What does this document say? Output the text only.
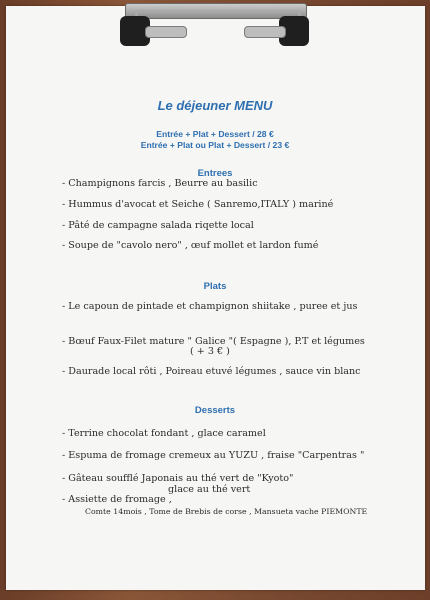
Le déjeuner MENU
Entrée + Plat + Dessert / 28 €
Entrée + Plat ou Plat + Dessert / 23 €
Entrees
- Champignons farcis , Beurre au basilic
- Hummus d'avocat et Seiche ( Sanremo,ITALY ) mariné
- Pâté de campagne salada riqette local
- Soupe de "cavolo nero" , œuf mollet et lardon fumé
Plats
- Le capoun de pintade et champignon shiitake , puree et jus
- Bœuf Faux-Filet mature " Galice "( Espagne ), P.T et légumes
( + 3 € )
- Daurade local rôti , Poireau etuvé légumes , sauce vin blanc
Desserts
- Terrine chocolat fondant , glace caramel
- Espuma de fromage cremeux au YUZU , fraise "Carpentras "
- Gâteau soufflé Japonais au thé vert de "Kyoto"
glace au thé vert
- Assiette de fromage ,
Comte 14mois , Tome de Brebis de corse , Mansueta vache PIEMONTE
